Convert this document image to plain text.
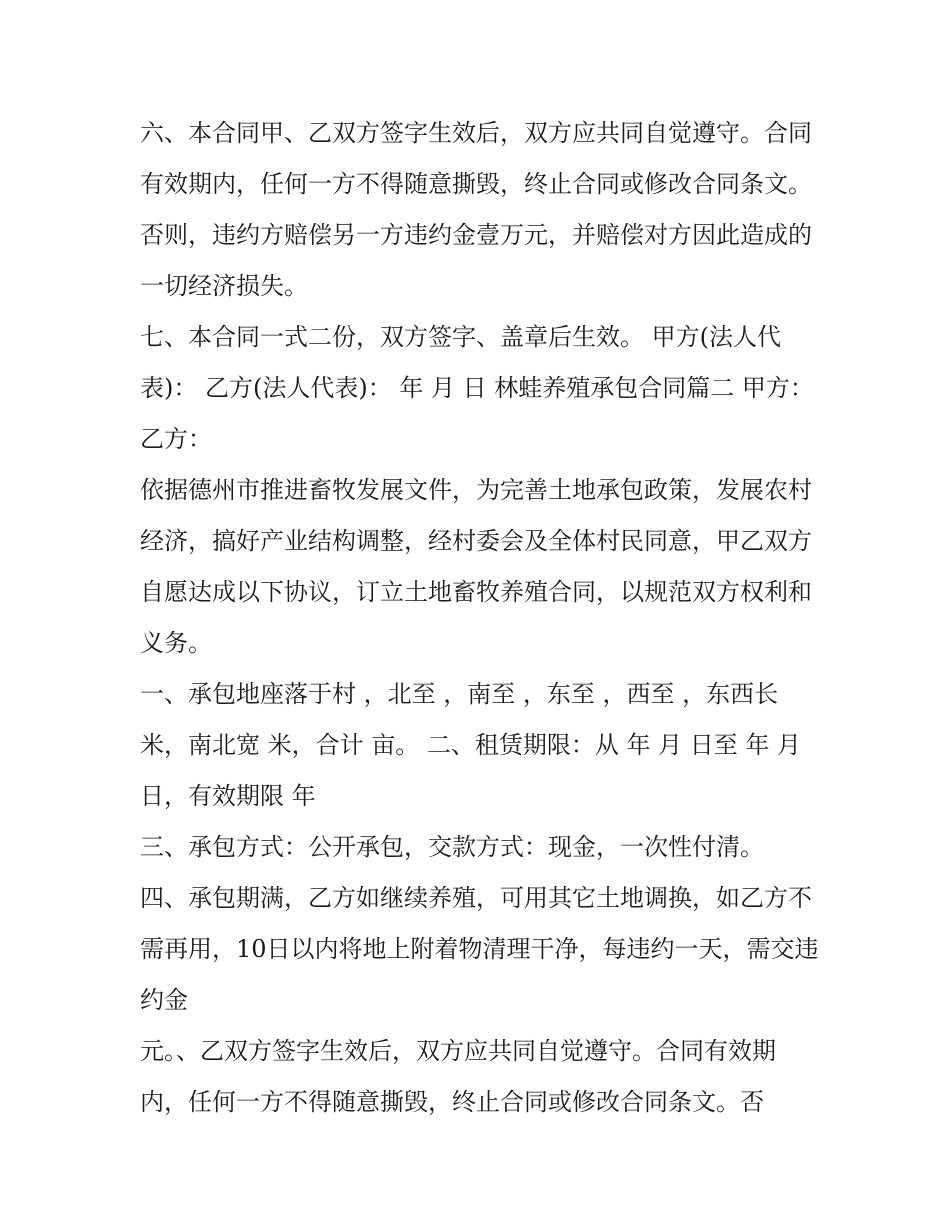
六、本合同甲、乙双方签字生效后，双方应共同自觉遵守。合同有效期内，任何一方不得随意撕毁，终止合同或修改合同条文。否则，违约方赔偿另一方违约金壹万元，并赔偿对方因此造成的一切经济损失。

七、本合同一式二份，双方签字、盖章后生效。 甲方(法人代表)： 乙方(法人代表)： 年 月 日 林蛙养殖承包合同篇二 甲方： 乙方：

依据德州市推进畜牧发展文件，为完善土地承包政策，发展农村经济，搞好产业结构调整，经村委会及全体村民同意，甲乙双方自愿达成以下协议，订立土地畜牧养殖合同，以规范双方权利和义务。

一、承包地座落于村 ，北至 ，南至 ，东至 ，西至 ，东西长 米，南北宽 米，合计 亩。 二、租赁期限：从 年 月 日至 年 月 日，有效期限 年

三、承包方式：公开承包，交款方式：现金，一次性付清。

四、承包期满，乙方如继续养殖，可用其它土地调换，如乙方不需再用，10日以内将地上附着物清理干净，每违约一天，需交违约金

元。、乙双方签字生效后，双方应共同自觉遵守。合同有效期内，任何一方不得随意撕毁，终止合同或修改合同条文。否
